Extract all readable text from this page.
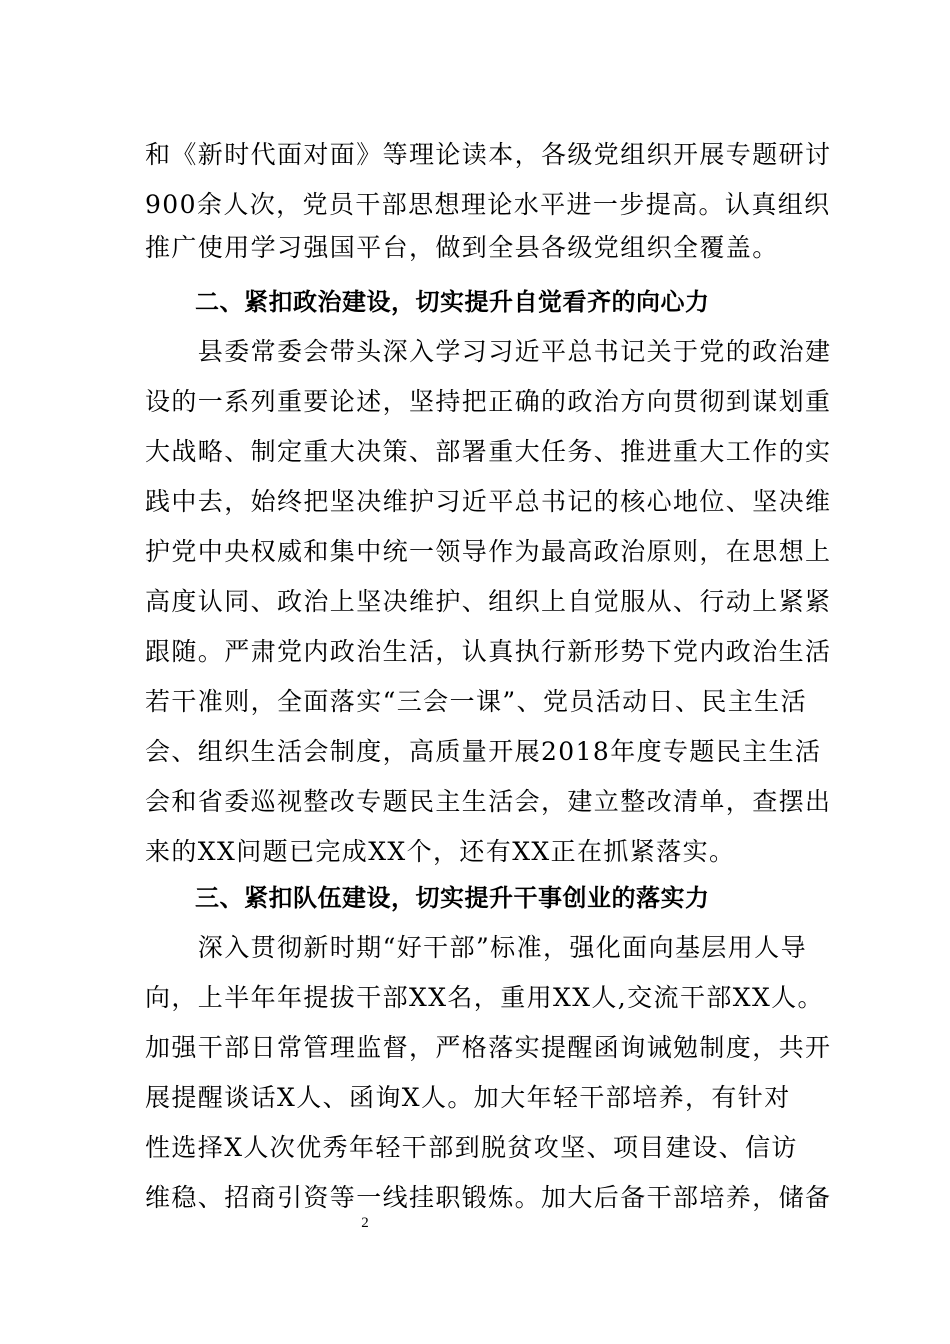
和《新时代面对面》等理论读本，各级党组织开展专题研讨
900余人次，党员干部思想理论水平进一步提高。认真组织
推广使用学习强国平台，做到全县各级党组织全覆盖。
二、紧扣政治建设，切实提升自觉看齐的向心力
　　县委常委会带头深入学习习近平总书记关于党的政治建
设的一系列重要论述，坚持把正确的政治方向贯彻到谋划重
大战略、制定重大决策、部署重大任务、推进重大工作的实
践中去，始终把坚决维护习近平总书记的核心地位、坚决维
护党中央权威和集中统一领导作为最高政治原则，在思想上
高度认同、政治上坚决维护、组织上自觉服从、行动上紧紧
跟随。严肃党内政治生活，认真执行新形势下党内政治生活
若干准则，全面落实“三会一课”、党员活动日、民主生活
会、组织生活会制度，高质量开展2018年度专题民主生活
会和省委巡视整改专题民主生活会，建立整改清单，查摆出
来的XX问题已完成XX个，还有XX正在抓紧落实。
三、紧扣队伍建设，切实提升干事创业的落实力
　　深入贯彻新时期“好干部”标准，强化面向基层用人导
向，上半年年提拔干部XX名，重用XX人,交流干部XX人。
加强干部日常管理监督，严格落实提醒函询诫勉制度，共开
展提醒谈话X人、函询X人。加大年轻干部培养，有针对
性选择X人次优秀年轻干部到脱贫攻坚、项目建设、信访
维稳、招商引资等一线挂职锻炼。加大后备干部培养，储备
2
